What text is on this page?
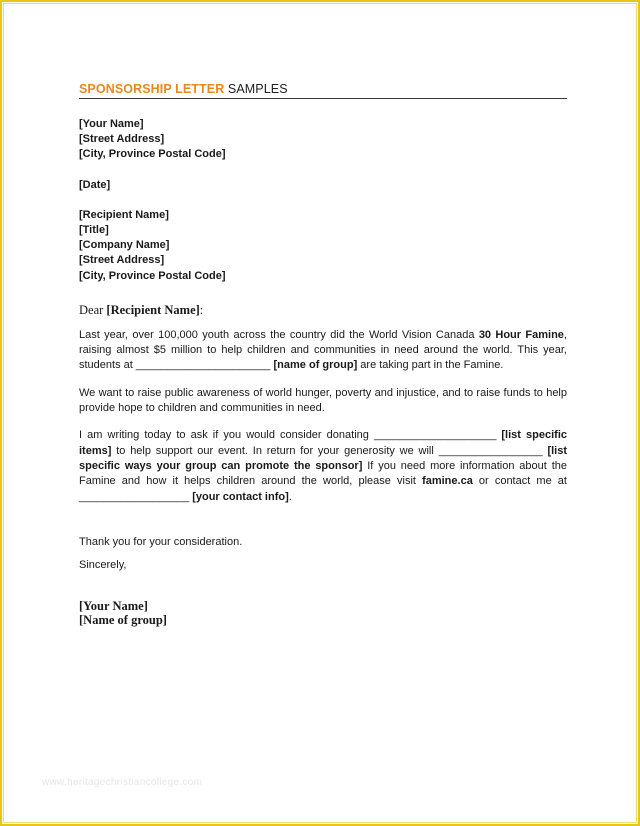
SPONSORSHIP LETTER SAMPLES
[Your Name]
[Street Address]
[City, Province Postal Code]
[Date]
[Recipient Name]
[Title]
[Company Name]
[Street Address]
[City, Province Postal Code]
Dear [Recipient Name]:
Last year, over 100,000 youth across the country did the World Vision Canada 30 Hour Famine, raising almost $5 million to help children and communities in need around the world. This year, students at ______________________ [name of group] are taking part in the Famine.
We want to raise public awareness of world hunger, poverty and injustice, and to raise funds to help provide hope to children and communities in need.
I am writing today to ask if you would consider donating ____________________ [list specific items] to help support our event. In return for your generosity we will _________________ [list specific ways your group can promote the sponsor] If you need more information about the Famine and how it helps children around the world, please visit famine.ca or contact me at __________________ [your contact info].
Thank you for your consideration.
Sincerely,
[Your Name]
[Name of group]
www.heritagechristiancollege.com
